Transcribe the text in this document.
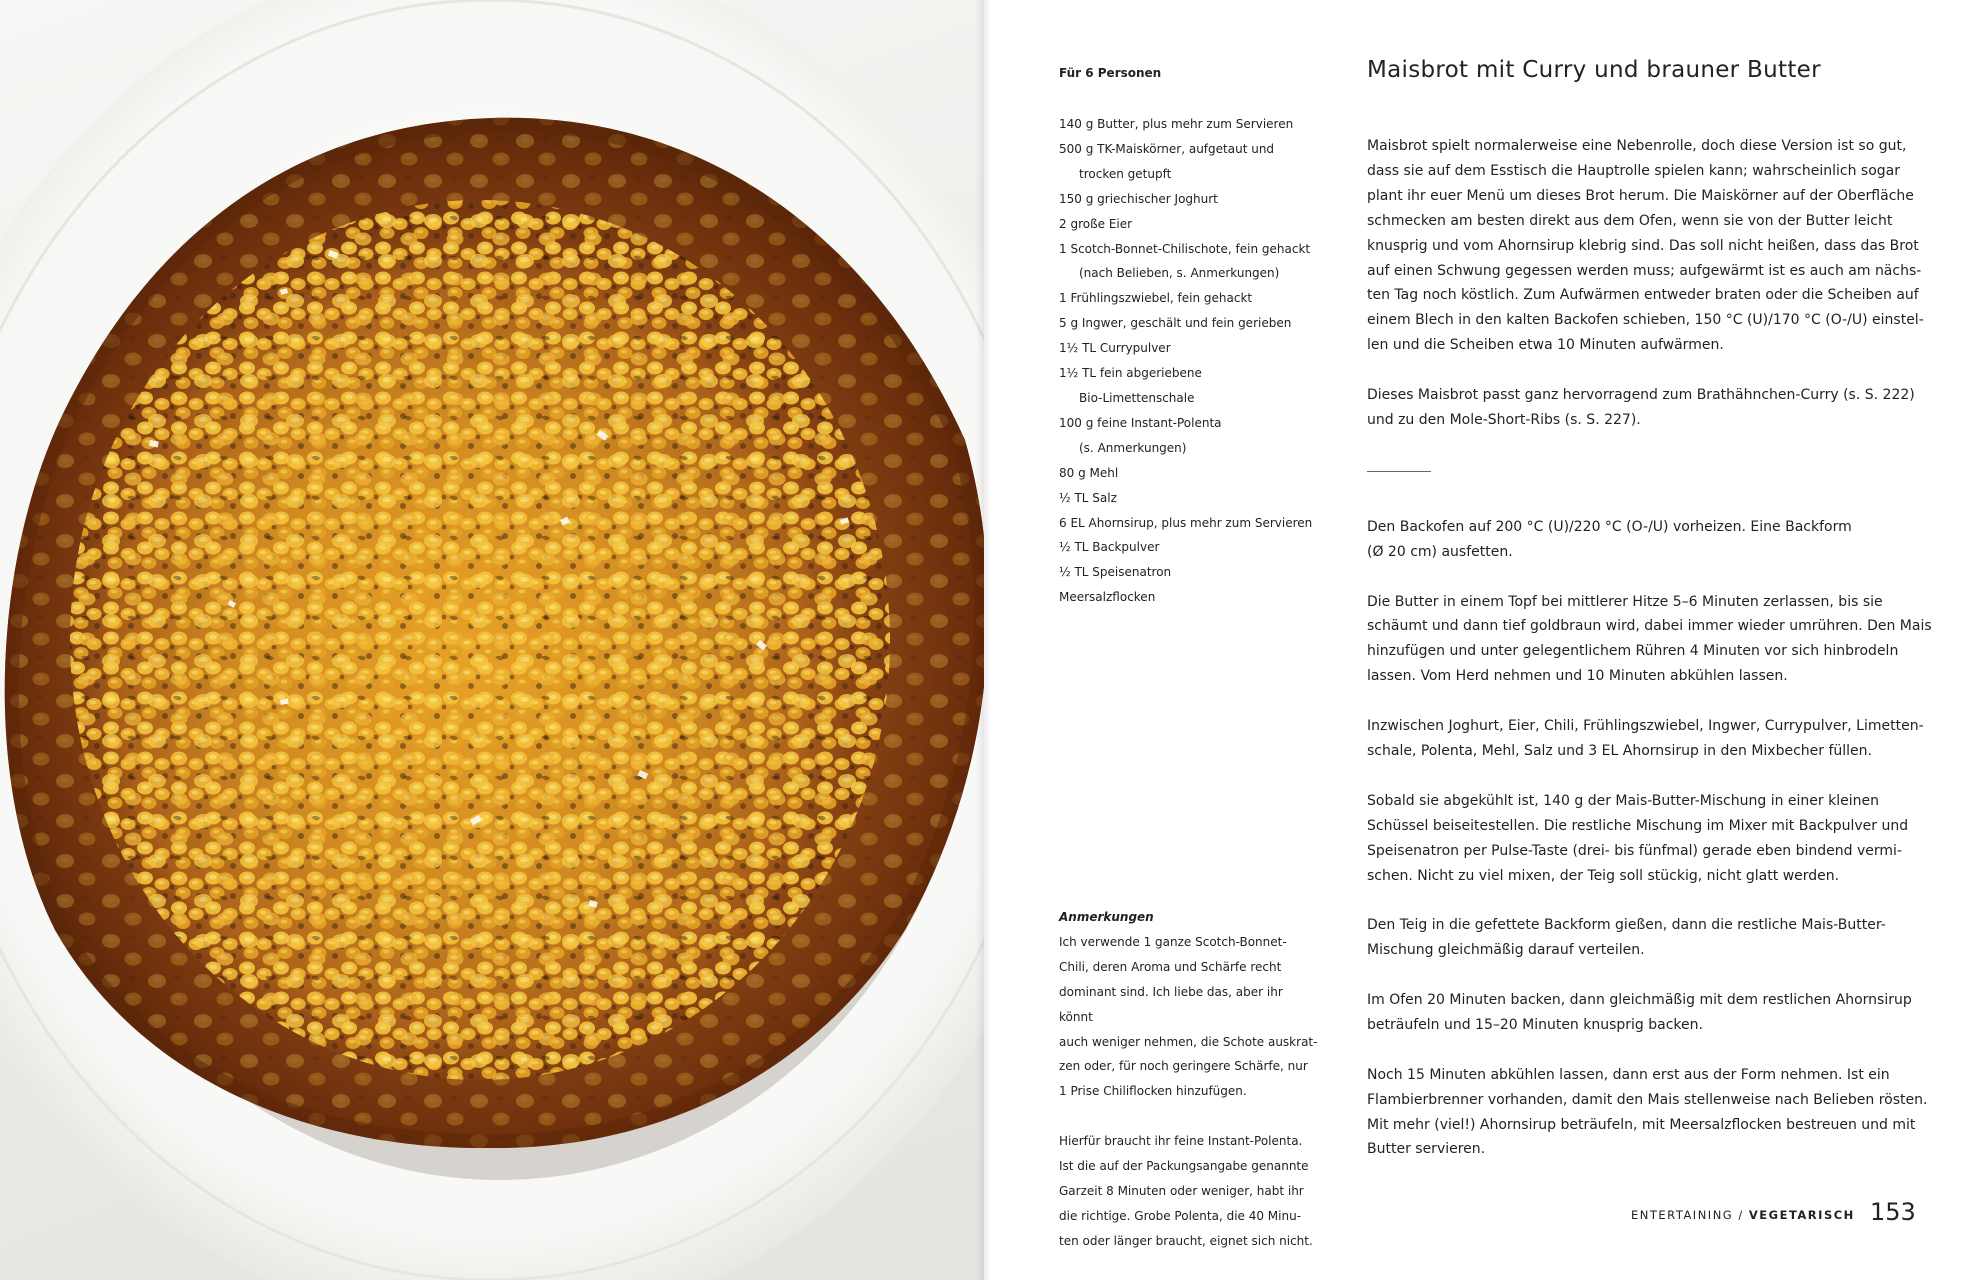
Für 6 Personen

140 g Butter, plus mehr zum Servieren
500 g TK-Maiskörner, aufgetaut und
trocken getupft
150 g griechischer Joghurt
2 große Eier
1 Scotch-Bonnet-Chilischote, fein gehackt
(nach Belieben, s. Anmerkungen)
1 Frühlingszwiebel, fein gehackt
5 g Ingwer, geschält und fein gerieben
1½ TL Currypulver
1½ TL fein abgeriebene
Bio-Limettenschale
100 g feine Instant-Polenta
(s. Anmerkungen)
80 g Mehl
½ TL Salz
6 EL Ahornsirup, plus mehr zum Servieren
½ TL Backpulver
½ TL Speisenatron
Meersalzflocken

Anmerkungen

Ich verwende 1 ganze Scotch-Bonnet-
Chili, deren Aroma und Schärfe recht
dominant sind. Ich liebe das, aber ihr könnt
auch weniger nehmen, die Schote auskrat-
zen oder, für noch geringere Schärfe, nur
1 Prise Chiliflocken hinzufügen.

Hierfür braucht ihr feine Instant-Polenta.
Ist die auf der Packungsangabe genannte
Garzeit 8 Minuten oder weniger, habt ihr
die richtige. Grobe Polenta, die 40 Minu-
ten oder länger braucht, eignet sich nicht.

Maisbrot mit Curry und brauner Butter

Maisbrot spielt normalerweise eine Nebenrolle, doch diese Version ist so gut,
dass sie auf dem Esstisch die Hauptrolle spielen kann; wahrscheinlich sogar
plant ihr euer Menü um dieses Brot herum. Die Maiskörner auf der Oberfläche
schmecken am besten direkt aus dem Ofen, wenn sie von der Butter leicht
knusprig und vom Ahornsirup klebrig sind. Das soll nicht heißen, dass das Brot
auf einen Schwung gegessen werden muss; aufgewärmt ist es auch am nächs-
ten Tag noch köstlich. Zum Aufwärmen entweder braten oder die Scheiben auf
einem Blech in den kalten Backofen schieben, 150 °C (U)/170 °C (O-/U) einstel-
len und die Scheiben etwa 10 Minuten aufwärmen.

Dieses Maisbrot passt ganz hervorragend zum Brathähnchen-Curry (s. S. 222)
und zu den Mole-Short-Ribs (s. S. 227).

Den Backofen auf 200 °C (U)/220 °C (O-/U) vorheizen. Eine Backform
(Ø 20 cm) ausfetten.

Die Butter in einem Topf bei mittlerer Hitze 5–6 Minuten zerlassen, bis sie
schäumt und dann tief goldbraun wird, dabei immer wieder umrühren. Den Mais
hinzufügen und unter gelegentlichem Rühren 4 Minuten vor sich hinbrodeln
lassen. Vom Herd nehmen und 10 Minuten abkühlen lassen.

Inzwischen Joghurt, Eier, Chili, Frühlingszwiebel, Ingwer, Currypulver, Limetten-
schale, Polenta, Mehl, Salz und 3 EL Ahornsirup in den Mixbecher füllen.

Sobald sie abgekühlt ist, 140 g der Mais-Butter-Mischung in einer kleinen
Schüssel beiseitestellen. Die restliche Mischung im Mixer mit Backpulver und
Speisenatron per Pulse-Taste (drei- bis fünfmal) gerade eben bindend vermi-
schen. Nicht zu viel mixen, der Teig soll stückig, nicht glatt werden.

Den Teig in die gefettete Backform gießen, dann die restliche Mais-Butter-
Mischung gleichmäßig darauf verteilen.

Im Ofen 20 Minuten backen, dann gleichmäßig mit dem restlichen Ahornsirup
beträufeln und 15–20 Minuten knusprig backen.

Noch 15 Minuten abkühlen lassen, dann erst aus der Form nehmen. Ist ein
Flambierbrenner vorhanden, damit den Mais stellenweise nach Belieben rösten.
Mit mehr (viel!) Ahornsirup beträufeln, mit Meersalzflocken bestreuen und mit
Butter servieren.

ENTERTAINING / VEGETARISCH 153
